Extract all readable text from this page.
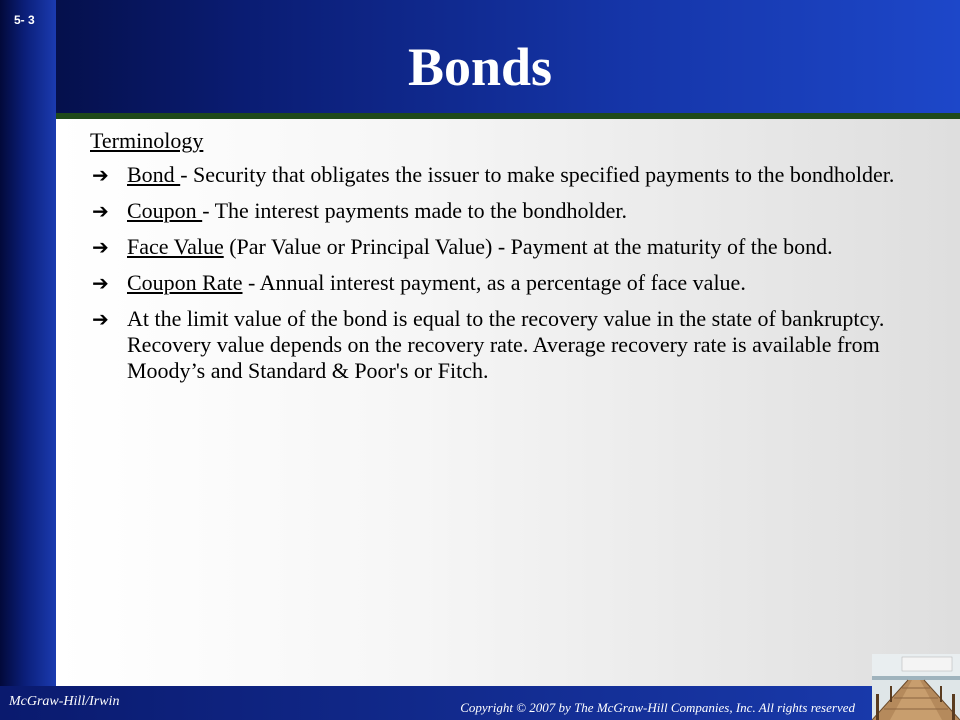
5- 3
Bonds
Terminology
➔ Bond - Security that obligates the issuer to make specified payments to the bondholder.
➔ Coupon - The interest payments made to the bondholder.
➔ Face Value (Par Value or Principal Value) - Payment at the maturity of the bond.
➔ Coupon Rate - Annual interest payment, as a percentage of face value.
➔ At the limit value of the bond is equal to the recovery value in the state of bankruptcy. Recovery value depends on the recovery rate. Average recovery rate is available from Moody’s and Standard & Poor's or Fitch.
McGraw-Hill/Irwin	Copyright © 2007 by The McGraw-Hill Companies, Inc. All rights reserved
